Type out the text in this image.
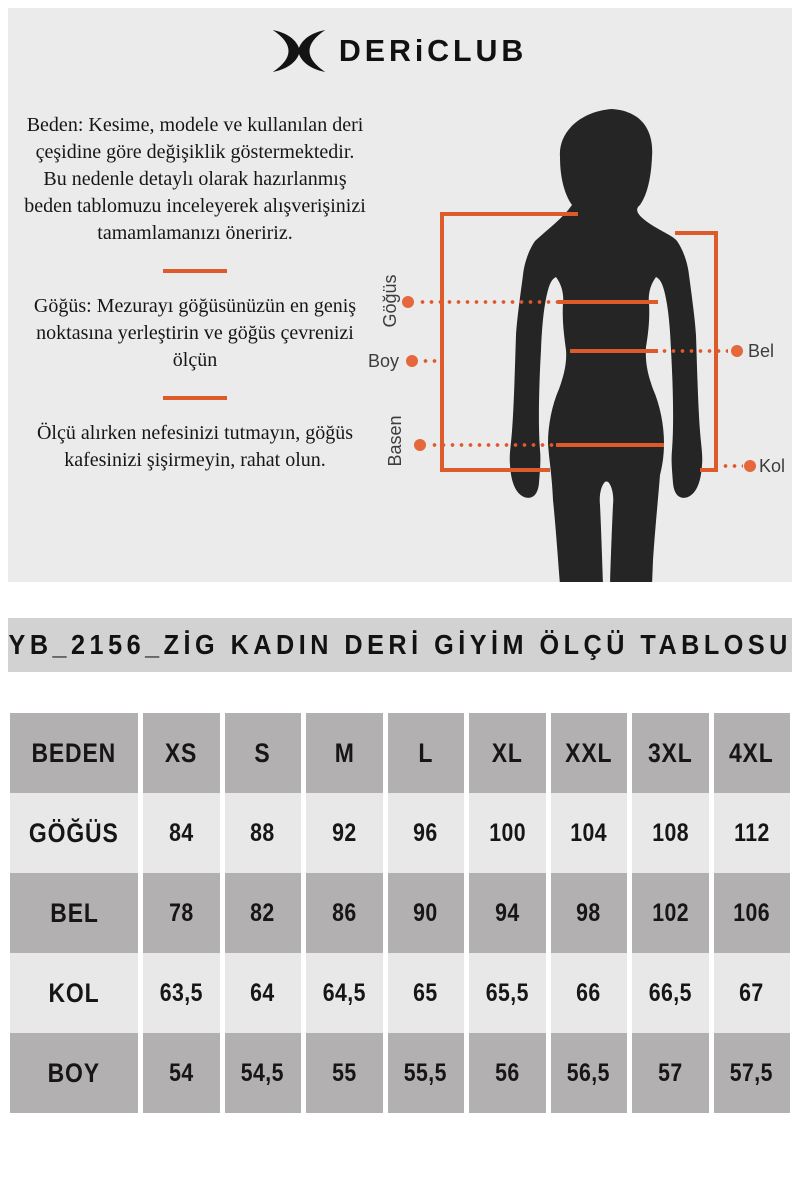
DERiCLUB

Beden: Kesime, modele ve kullanılan deri çeşidine göre değişiklik göstermektedir. Bu nedenle detaylı olarak hazırlanmış beden tablomuzu inceleyerek alışverişinizi tamamlamanızı öneririz.

Göğüs: Mezurayı göğüsünüzün en geniş noktasına yerleştirin ve göğüs çevrenizi ölçün

Ölçü alırken nefesinizi tutmayın, göğüs kafesinizi şişirmeyin, rahat olun.

Göğüs
Boy	Bel
Basen	Kol
YB_2156_ZİG KADIN DERİ GİYİM ÖLÇÜ TABLOSU
BEDEN XS S M L XL XXL 3XL 4XL
GÖĞÜS 84 88 92 96 100 104 108 112
BEL	78 82 86 90 94 98 102 106
KOL 63,5 64 64,5 65 65,5 66 66,5 67
BOY	54 54,5 55 55,5 56 56,5 57 57,5
